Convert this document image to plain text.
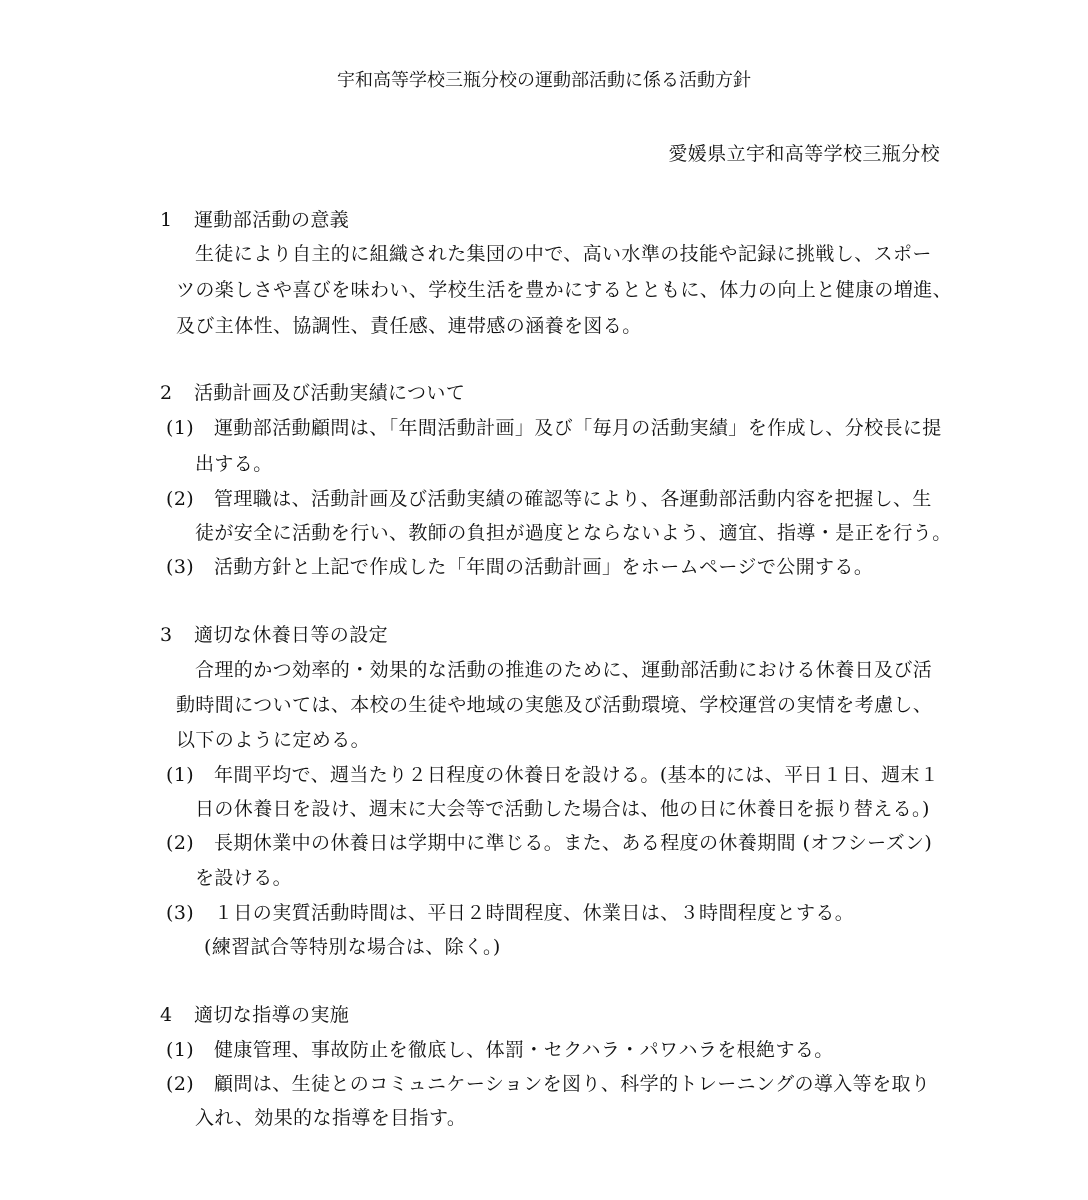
宇和高等学校三瓶分校の運動部活動に係る活動方針
愛媛県立宇和高等学校三瓶分校
1 運動部活動の意義
生徒により自主的に組織された集団の中で、高い水準の技能や記録に挑戦し、スポー
ツの楽しさや喜びを味わい、学校生活を豊かにするとともに、体力の向上と健康の増進、
及び主体性、協調性、責任感、連帯感の涵養を図る。
2 活動計画及び活動実績について
(1) 運動部活動顧問は、「年間活動計画」及び「毎月の活動実績」を作成し、分校長に提
出する。
(2) 管理職は、活動計画及び活動実績の確認等により、各運動部活動内容を把握し、生
徒が安全に活動を行い、教師の負担が過度とならないよう、適宜、指導・是正を行う。
(3) 活動方針と上記で作成した「年間の活動計画」をホームページで公開する。
3 適切な休養日等の設定
合理的かつ効率的・効果的な活動の推進のために、運動部活動における休養日及び活
動時間については、本校の生徒や地域の実態及び活動環境、学校運営の実情を考慮し、
以下のように定める。
(1) 年間平均で、週当たり２日程度の休養日を設ける。(基本的には、平日１日、週末１
日の休養日を設け、週末に大会等で活動した場合は、他の日に休養日を振り替える。)
(2) 長期休業中の休養日は学期中に準じる。また、ある程度の休養期間 (オフシーズン)
を設ける。
(3) １日の実質活動時間は、平日２時間程度、休業日は、３時間程度とする。
(練習試合等特別な場合は、除く。)
4 適切な指導の実施
(1) 健康管理、事故防止を徹底し、体罰・セクハラ・パワハラを根絶する。
(2) 顧問は、生徒とのコミュニケーションを図り、科学的トレーニングの導入等を取り
入れ、効果的な指導を目指す。
